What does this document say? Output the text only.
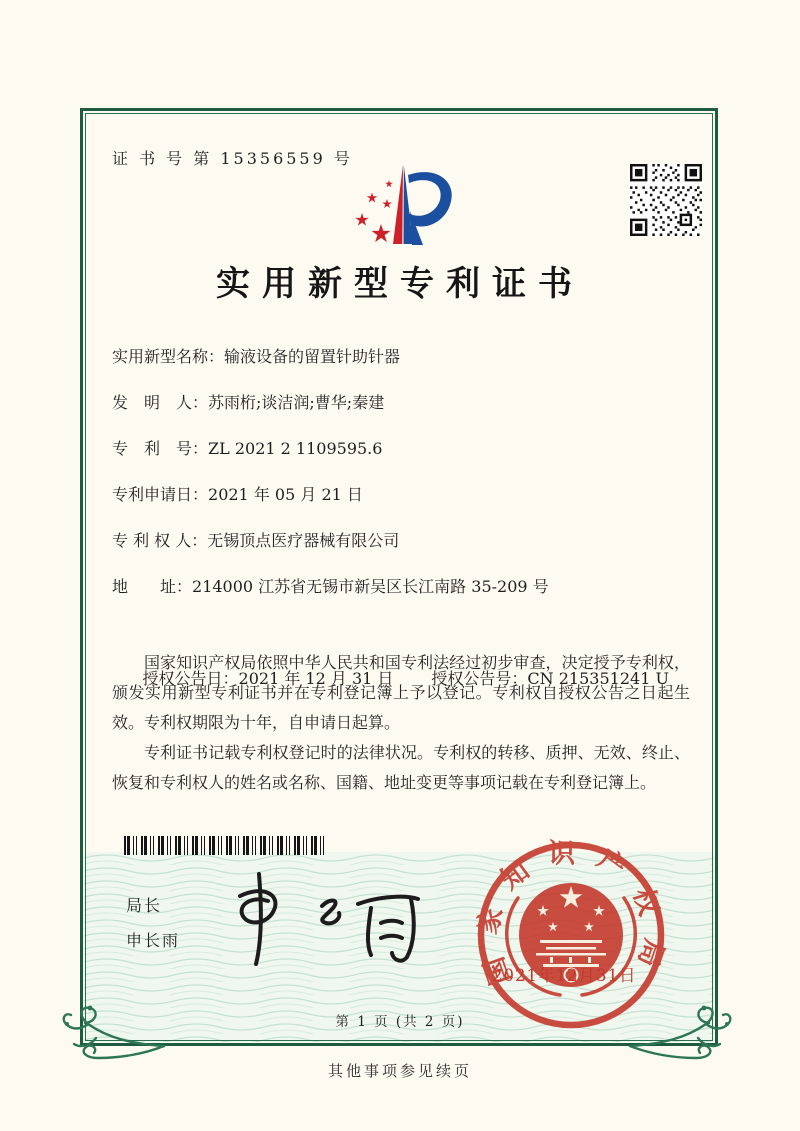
证 书 号 第 15356559 号
实用新型专利证书
实用新型名称：输液设备的留置针助针器
发　明　人：苏雨桁;谈洁润;曹华;秦建
专　利　号：ZL 2021 2 1109595.6
专利申请日：2021 年 05 月 21 日
专 利 权 人：无锡顶点医疗器械有限公司
地　　址：214000 江苏省无锡市新吴区长江南路 35-209 号

授权公告日：2021 年 12 月 31 日 授权公告号：CN 215351241 U

国家知识产权局依照中华人民共和国专利法经过初步审查，决定授予专利权，颁发实用新型专利证书并在专利登记簿上予以登记。专利权自授权公告之日起生效。专利权期限为十年，自申请日起算。

专利证书记载专利权登记时的法律状况。专利权的转移、质押、无效、终止、恢复和专利权人的姓名或名称、国籍、地址变更等事项记载在专利登记簿上。

局长
申长雨	国家知识产权局
2021年12月31日
第 1 页 (共 2 页)
其他事项参见续页
